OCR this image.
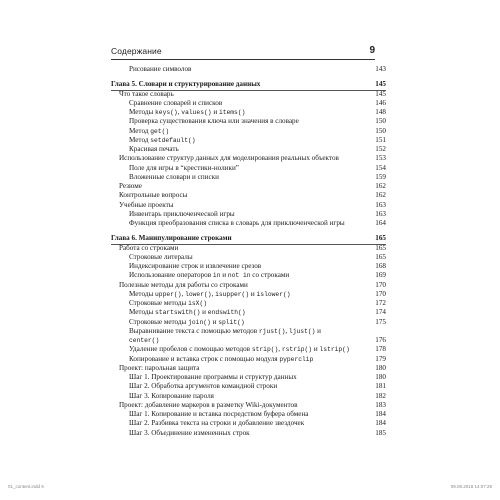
Содержание	9
Рисование символов	143
Глава 5. Словари и структурирование данных	145
Что такое словарь	145
Сравнение словарей и списков	146
Методы keys(), values() и items()	148
Проверка существования ключа или значения в словаре	150
Метод get()	150
Метод setdefault()	151
Красивая печать	152
Использование структур данных для моделирования реальных объектов	153
Поле для игры в “крестики-нолики”	154
Вложенные словари и списки	159
Резюме	162
Контрольные вопросы	162
Учебные проекты	163
Инвентарь приключенческой игры	163
Функция преобразования списка в словарь для приключенческой игры	164
Глава 6. Манипулирование строками	165
Работа со строками	165
Строковые литералы	165
Индексирование строк и извлечение срезов	168
Использование операторов in и not in со строками	169
Полезные методы для работы со строками	170
Методы upper(), lower(), isupper() и islower()	170
Строковые методы isX()	172
Методы startswith() и endswith()	174
Строковые методы join() и split()	175
Выравнивание текста с помощью методов rjust(), ljust() и center()	176
Удаление пробелов с помощью методов strip(), rstrip() и lstrip()	178
Копирование и вставка строк с помощью модуля pyperclip	179
Проект: парольная защита	180
Шаг 1. Проектирование программы и структур данных	180
Шаг 2. Обработка аргументов командной строки	181
Шаг 3. Копирование пароля	182
Проект: добавление маркеров в разметку Wiki-документов	183
Шаг 1. Копирование и вставка посредством буфера обмена	184
Шаг 2. Разбивка текста на строки и добавление звездочек	184
Шаг 3. Объединение измененных строк	185
01_content.indd 9	09.08.2016 14:07:29
